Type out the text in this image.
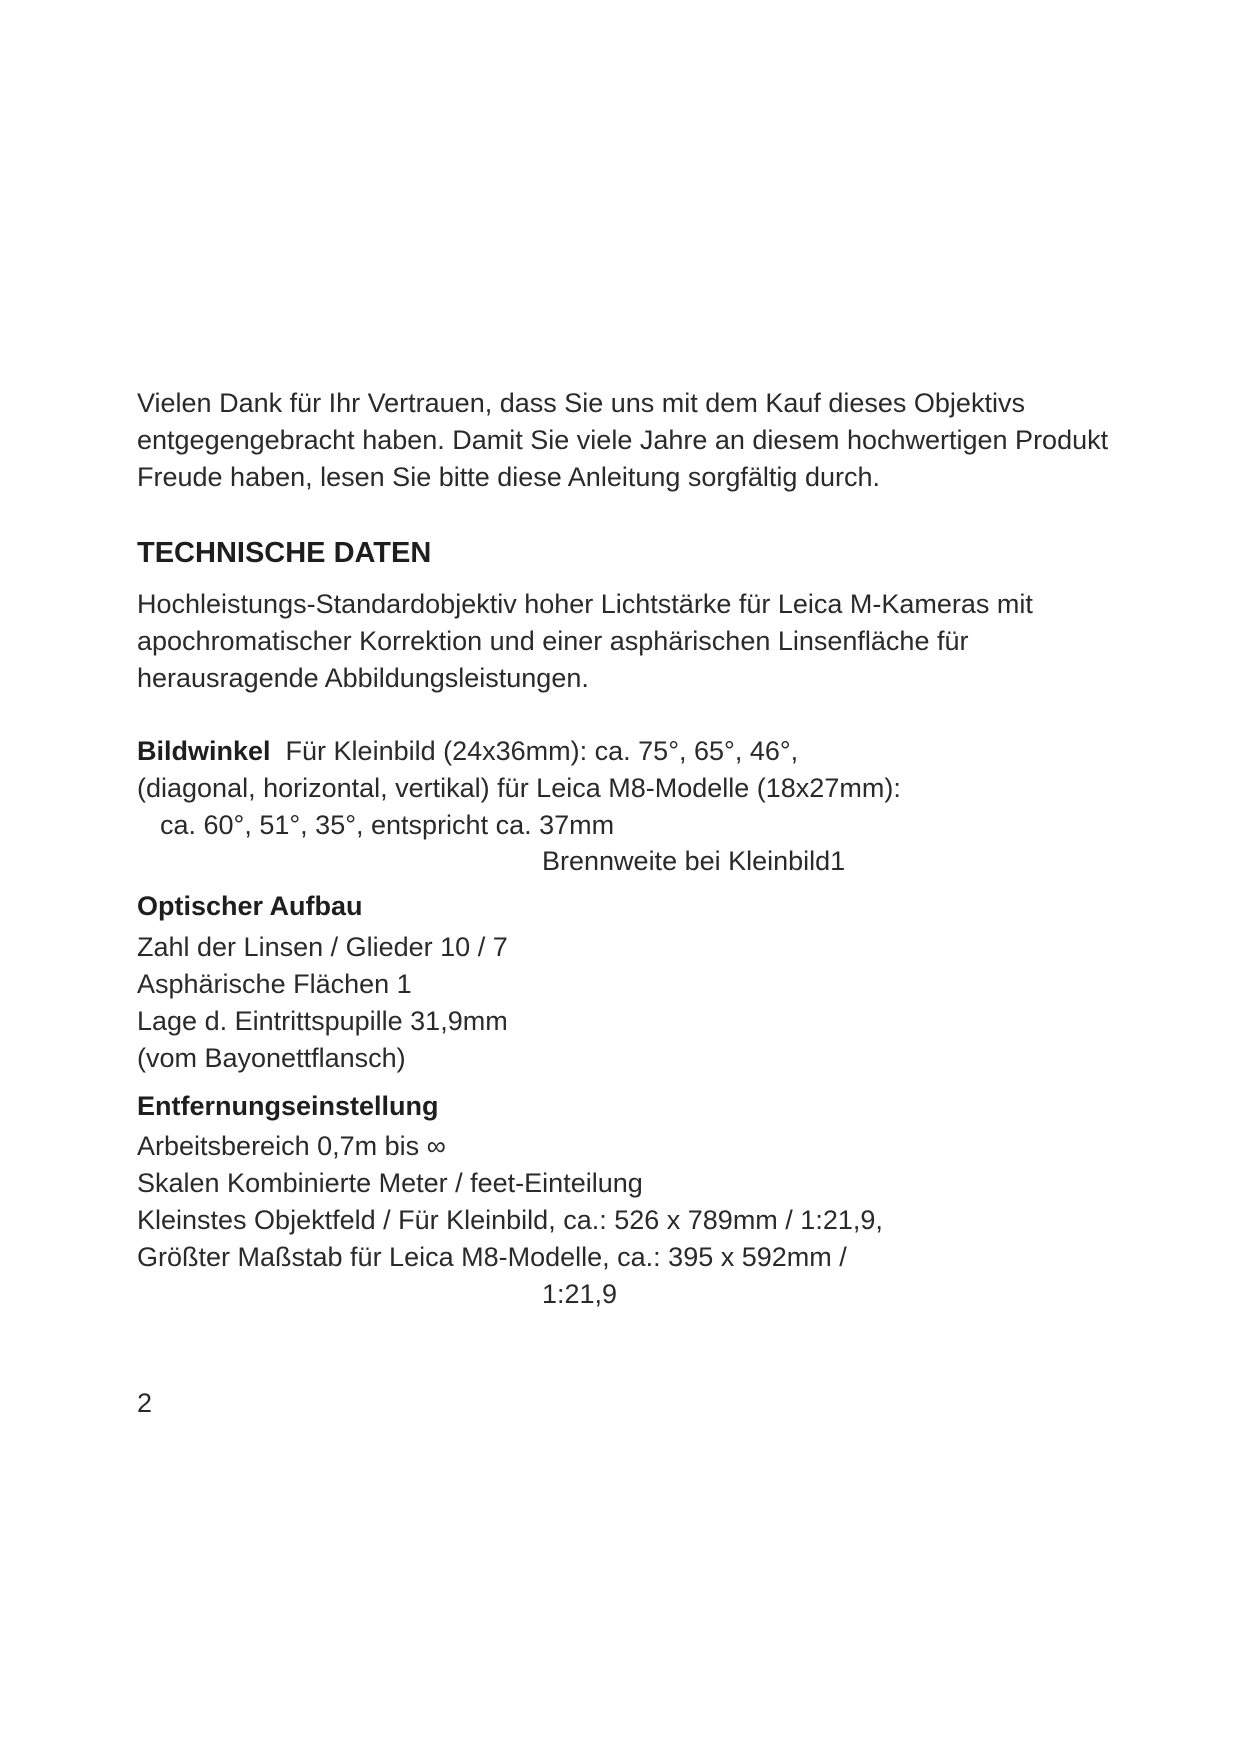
Vielen Dank für Ihr Vertrauen, dass Sie uns mit dem Kauf dieses Objektivs
entgegengebracht haben. Damit Sie viele Jahre an diesem hochwertigen Produkt
Freude haben, lesen Sie bitte diese Anleitung sorgfältig durch.
TECHNISCHE DATEN
Hochleistungs-Standardobjektiv hoher Lichtstärke für Leica M-Kameras mit
apochromatischer Korrektion und einer asphärischen Linsenfläche für
herausragende Abbildungsleistungen.
Bildwinkel Für Kleinbild (24x36mm): ca. 75°, 65°, 46°,
(diagonal, horizontal, vertikal) für Leica M8-Modelle (18x27mm):
ca. 60°, 51°, 35°, entspricht ca. 37mm
Brennweite bei Kleinbild1
Optischer Aufbau
Zahl der Linsen / Glieder 10 / 7
Asphärische Flächen 1
Lage d. Eintrittspupille 31,9mm
(vom Bayonettflansch)
Entfernungseinstellung
Arbeitsbereich 0,7m bis ∞
Skalen Kombinierte Meter / feet-Einteilung
Kleinstes Objektfeld / Für Kleinbild, ca.: 526 x 789mm / 1:21,9,
Größter Maßstab für Leica M8-Modelle, ca.: 395 x 592mm /
1:21,9
2
